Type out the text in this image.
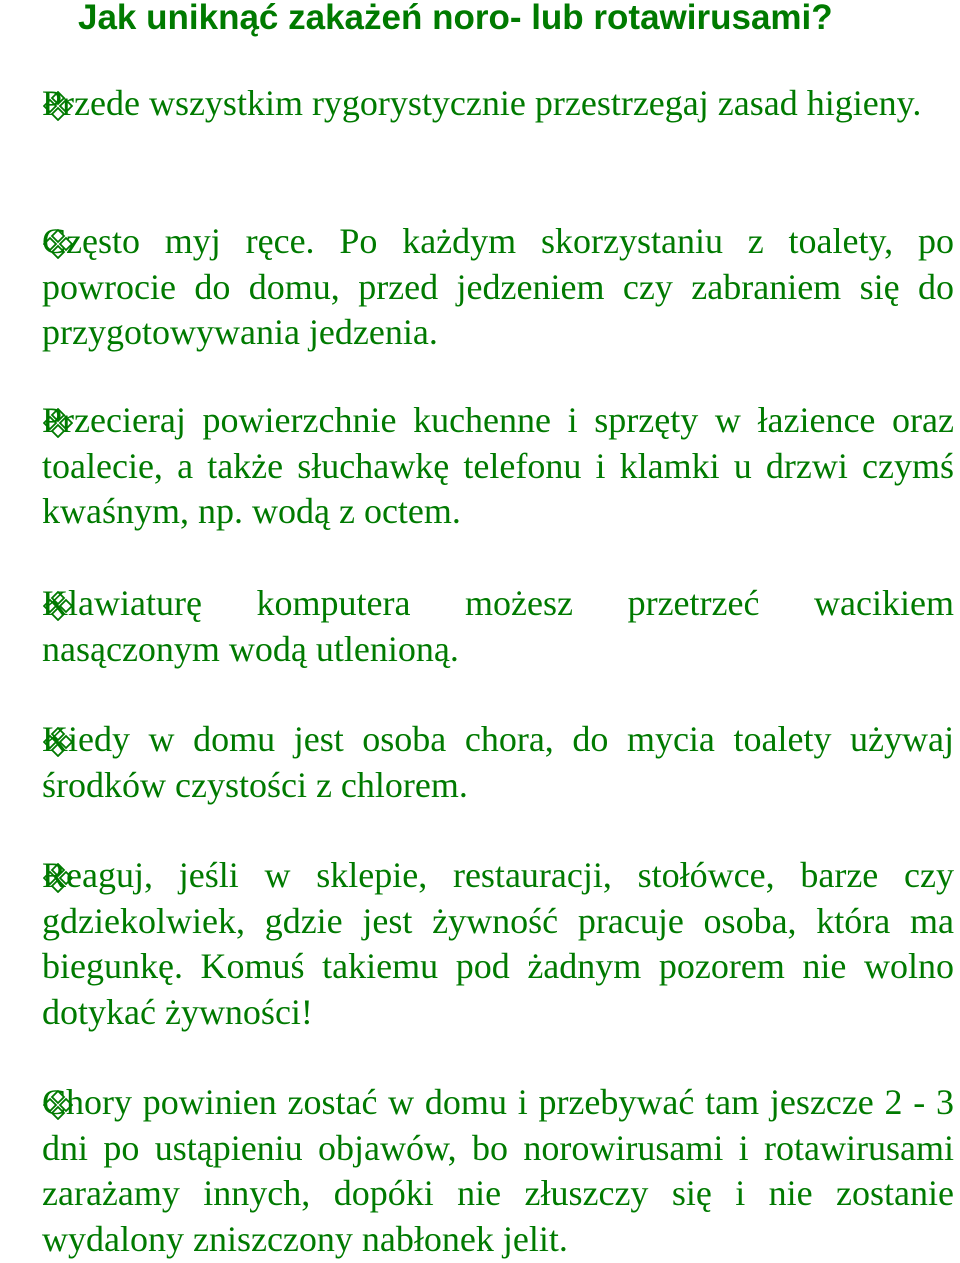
Jak uniknąć zakażeń noro- lub rotawirusami?
Przede wszystkim rygorystycznie przestrzegaj zasad higieny.
Często myj ręce. Po każdym skorzystaniu z toalety, po powrocie do domu, przed jedzeniem czy zabraniem się do przygotowywania jedzenia.
Przecieraj powierzchnie kuchenne i sprzęty w łazience oraz toalecie, a także słuchawkę telefonu i klamki u drzwi czymś kwaśnym, np. wodą z octem.
Klawiaturę komputera możesz przetrzeć wacikiem nasączonym wodą utlenioną.
Kiedy w domu jest osoba chora, do mycia toalety używaj środków czystości z chlorem.
Reaguj, jeśli w sklepie, restauracji, stołówce, barze czy gdziekolwiek, gdzie jest żywność pracuje osoba, która ma biegunkę. Komuś takiemu pod żadnym pozorem nie wolno dotykać żywności!
Chory powinien zostać w domu i przebywać tam jeszcze 2 - 3 dni po ustąpieniu objawów, bo norowirusami i rotawirusami zarażamy innych, dopóki nie złuszczy się i nie zostanie wydalony zniszczony nabłonek jelit.
